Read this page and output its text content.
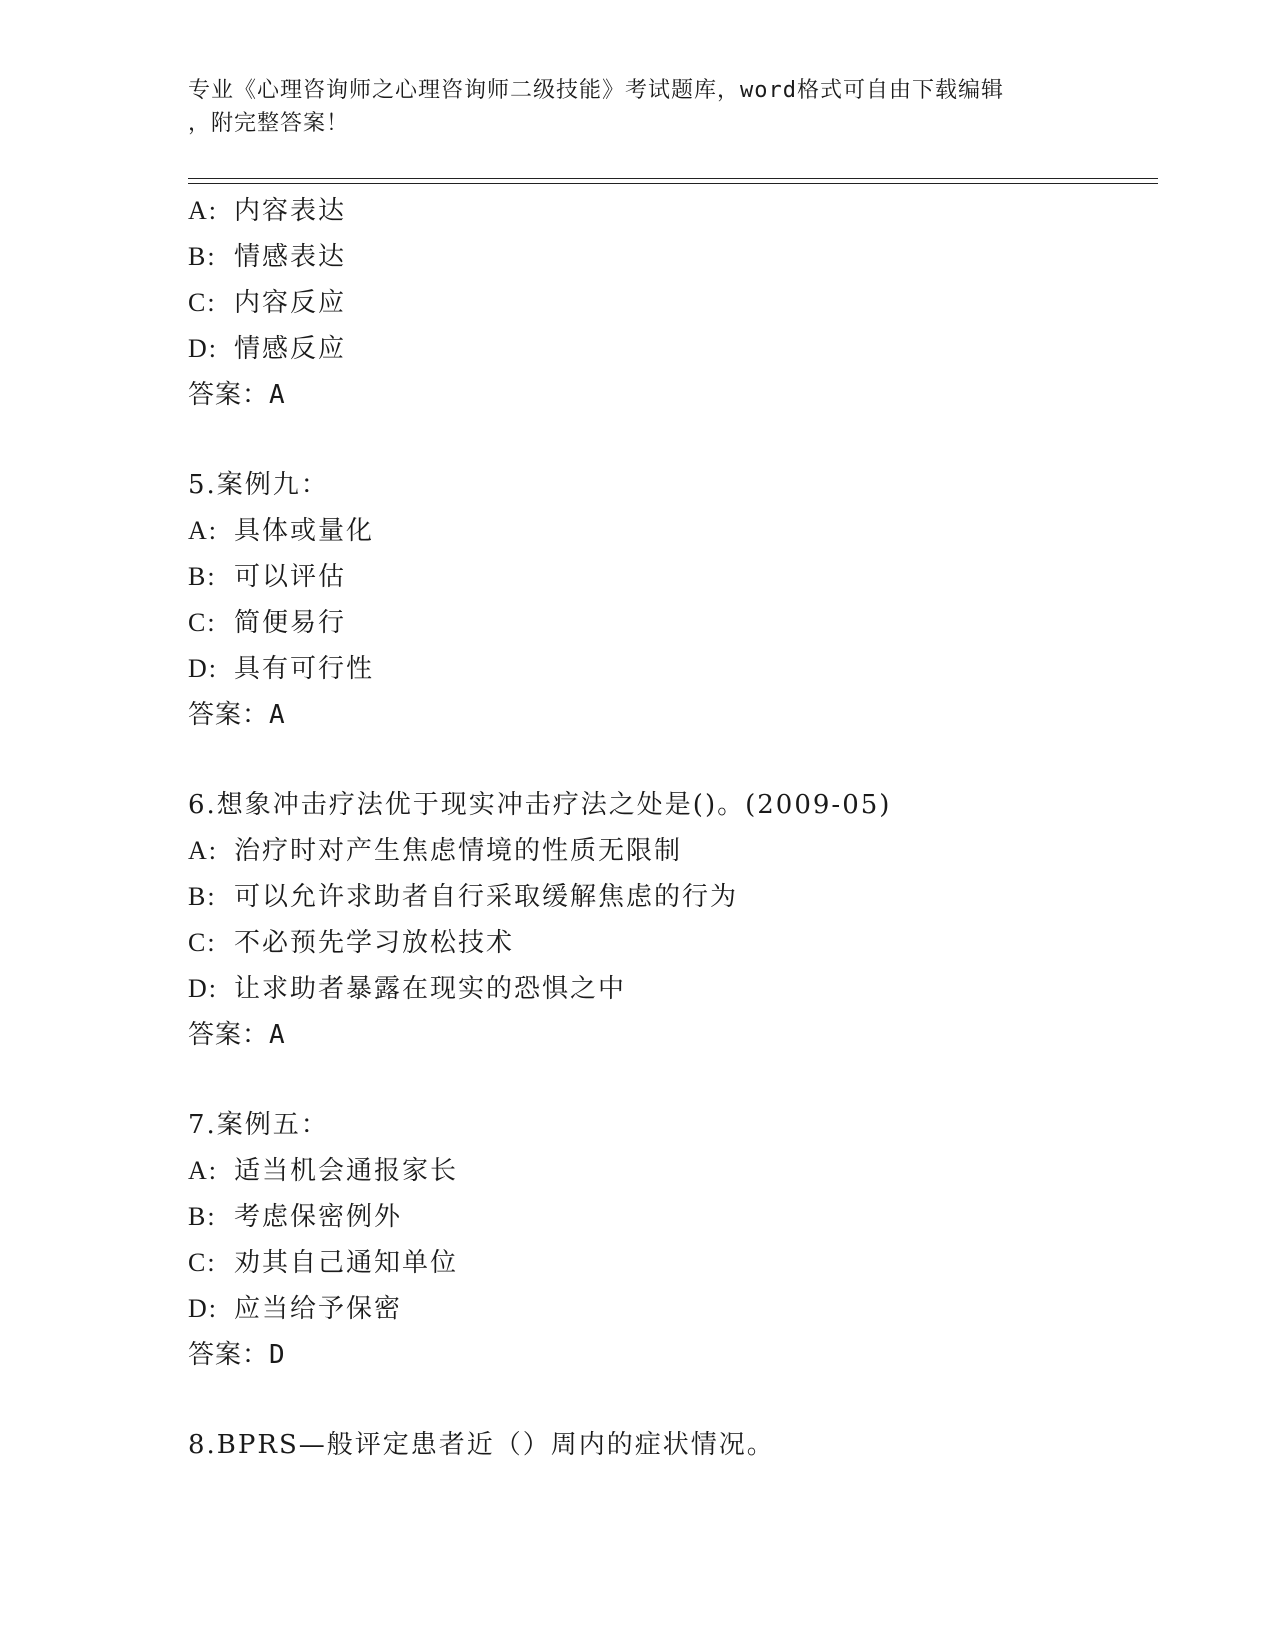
专业《心理咨询师之心理咨询师二级技能》考试题库，word格式可自由下载编辑
，附完整答案！
A: 内容表达
B: 情感表达
C: 内容反应
D: 情感反应
答案：A
5.案例九：
A: 具体或量化
B: 可以评估
C: 简便易行
D: 具有可行性
答案：A
6.想象冲击疗法优于现实冲击疗法之处是()。(2009-05)
A: 治疗时对产生焦虑情境的性质无限制
B: 可以允许求助者自行采取缓解焦虑的行为
C: 不必预先学习放松技术
D: 让求助者暴露在现实的恐惧之中
答案：A
7.案例五：
A: 适当机会通报家长
B: 考虑保密例外
C: 劝其自己通知单位
D: 应当给予保密
答案：D
8.BPRS—般评定患者近（）周内的症状情况。
